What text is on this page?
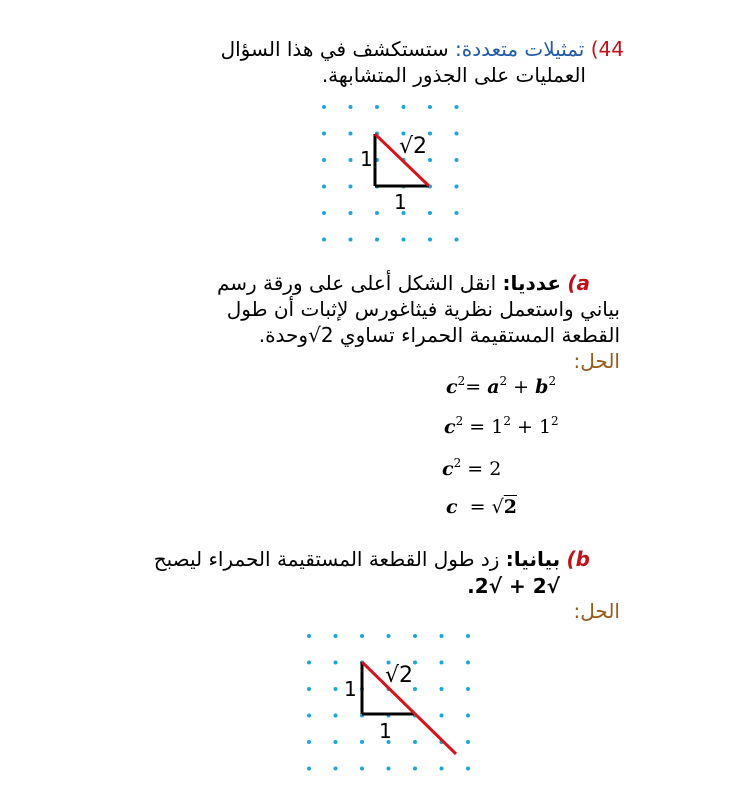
44) تمثيلات متعددة: ستستكشف في هذا السؤال
العمليات على الجذور المتشابهة.
1
1
√2
a) عدديا: انقل الشكل أعلى على ورقة رسم
بياني واستعمل نظرية فيثاغورس لإثبات أن طول
القطعة المستقيمة الحمراء تساوي 2√وحدة.
الحل:
$c^2= a^2 + b^2$
$c^2 = 1^2 + 1^2$
$c^2 = 2$
c  = √2
b) بيانيا: زد طول القطعة المستقيمة الحمراء ليصبح
√2 + √2.
الحل:
1
1
√2
